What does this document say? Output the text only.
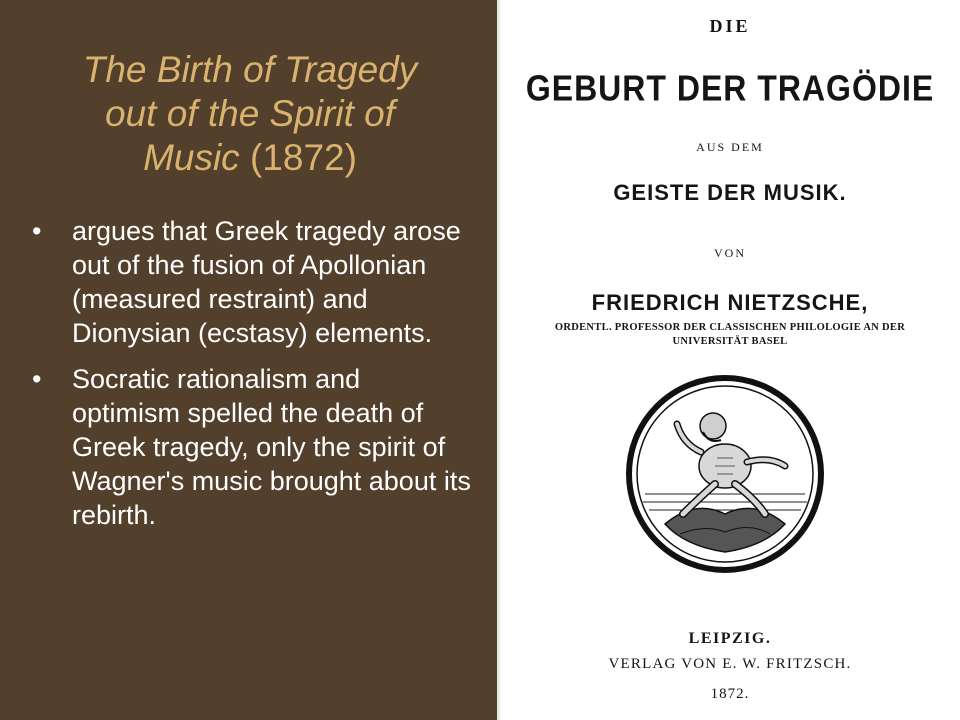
The Birth of Tragedy
out of the Spirit of
Music (1872)
•	argues that Greek tragedy arose out of the fusion of Apollonian (measured restraint) and Dionysian (ecstasy) elements.
•	Socratic rationalism and optimism spelled the death of Greek tragedy, only the spirit of Wagner's music brought about its rebirth.
DIE
GEBURT DER TRAGÖDIE
AUS DEM
GEISTE DER MUSIK.
VON
FRIEDRICH NIETZSCHE,
ORDENTL. PROFESSOR DER CLASSISCHEN PHILOLOGIE AN DER
UNIVERSITÄT BASEL
LEIPZIG.
VERLAG VON E. W. FRITZSCH.
1872.
